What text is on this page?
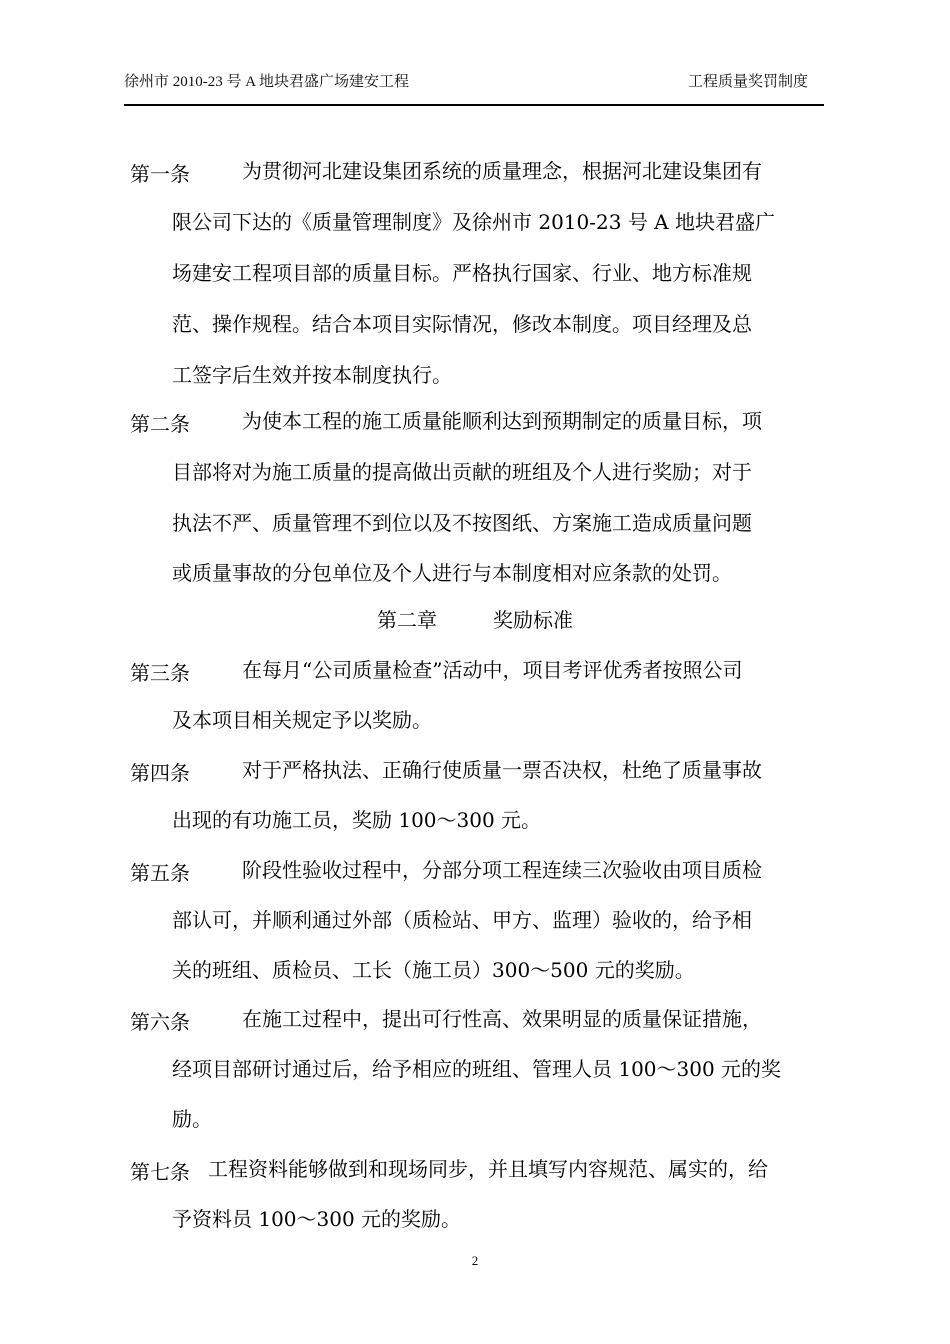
徐州市 2010-23 号 A 地块君盛广场建安工程	工程质量奖罚制度
第一条	为贯彻河北建设集团系统的质量理念，根据河北建设集团有
限公司下达的《质量管理制度》及徐州市 2010-23 号 A 地块君盛广
场建安工程项目部的质量目标。严格执行国家、行业、地方标准规
范、操作规程。结合本项目实际情况，修改本制度。项目经理及总
工签字后生效并按本制度执行。
第二条	为使本工程的施工质量能顺利达到预期制定的质量目标，项
目部将对为施工质量的提高做出贡献的班组及个人进行奖励；对于
执法不严、质量管理不到位以及不按图纸、方案施工造成质量问题
或质量事故的分包单位及个人进行与本制度相对应条款的处罚。
第二章	奖励标准
第三条	在每月“公司质量检查”活动中，项目考评优秀者按照公司
及本项目相关规定予以奖励。
第四条	对于严格执法、正确行使质量一票否决权，杜绝了质量事故
出现的有功施工员，奖励 100～300 元。
第五条	阶段性验收过程中，分部分项工程连续三次验收由项目质检
部认可，并顺利通过外部（质检站、甲方、监理）验收的，给予相
关的班组、质检员、工长（施工员）300～500 元的奖励。
第六条	在施工过程中，提出可行性高、效果明显的质量保证措施，
经项目部研讨通过后，给予相应的班组、管理人员 100～300 元的奖
励。
第七条 工程资料能够做到和现场同步，并且填写内容规范、属实的，给
予资料员 100～300 元的奖励。
2
